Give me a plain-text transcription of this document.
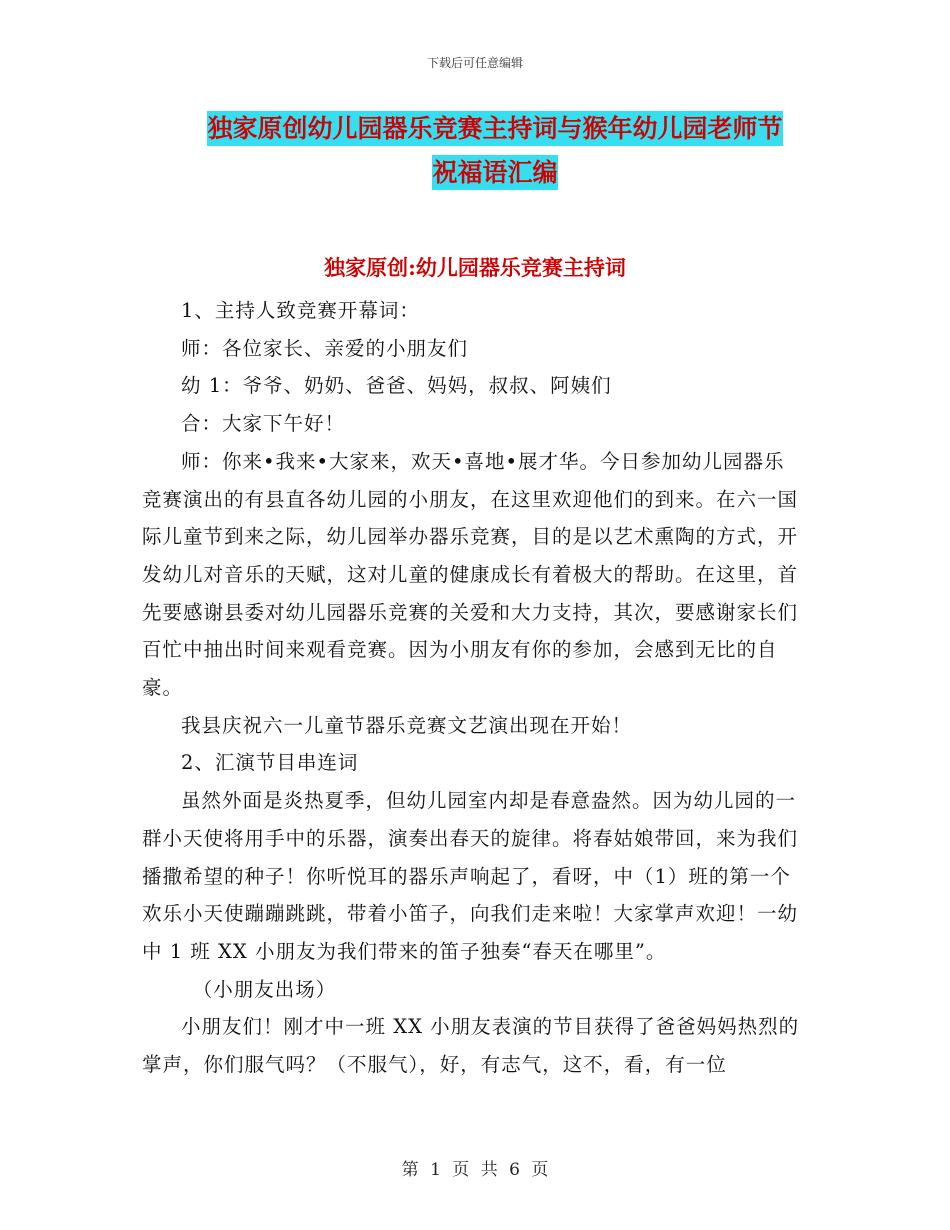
下载后可任意编辑
独家原创幼儿园器乐竞赛主持词与猴年幼儿园老师节
祝福语汇编
独家原创:幼儿园器乐竞赛主持词

1、主持人致竞赛开幕词：

师：各位家长、亲爱的小朋友们

幼 1：爷爷、奶奶、爸爸、妈妈，叔叔、阿姨们

合：大家下午好！

师：你来•我来•大家来，欢天•喜地•展才华。今日参加幼儿园器乐竞赛演出的有县直各幼儿园的小朋友，在这里欢迎他们的到来。在六一国际儿童节到来之际，幼儿园举办器乐竞赛，目的是以艺术熏陶的方式，开发幼儿对音乐的天赋，这对儿童的健康成长有着极大的帮助。在这里，首先要感谢县委对幼儿园器乐竞赛的关爱和大力支持，其次，要感谢家长们百忙中抽出时间来观看竞赛。因为小朋友有你的参加，会感到无比的自豪。

我县庆祝六一儿童节器乐竞赛文艺演出现在开始！

2、汇演节目串连词

虽然外面是炎热夏季，但幼儿园室内却是春意盎然。因为幼儿园的一群小天使将用手中的乐器，演奏出春天的旋律。将春姑娘带回，来为我们播撒希望的种子！你听悦耳的器乐声响起了，看呀，中（1）班的第一个欢乐小天使蹦蹦跳跳，带着小笛子，向我们走来啦！大家掌声欢迎！一幼中 1 班 XX 小朋友为我们带来的笛子独奏“春天在哪里”。

（小朋友出场）

小朋友们！刚才中一班 XX 小朋友表演的节目获得了爸爸妈妈热烈的掌声，你们服气吗？（不服气），好，有志气，这不，看，有一位

第 1 页 共 6 页
